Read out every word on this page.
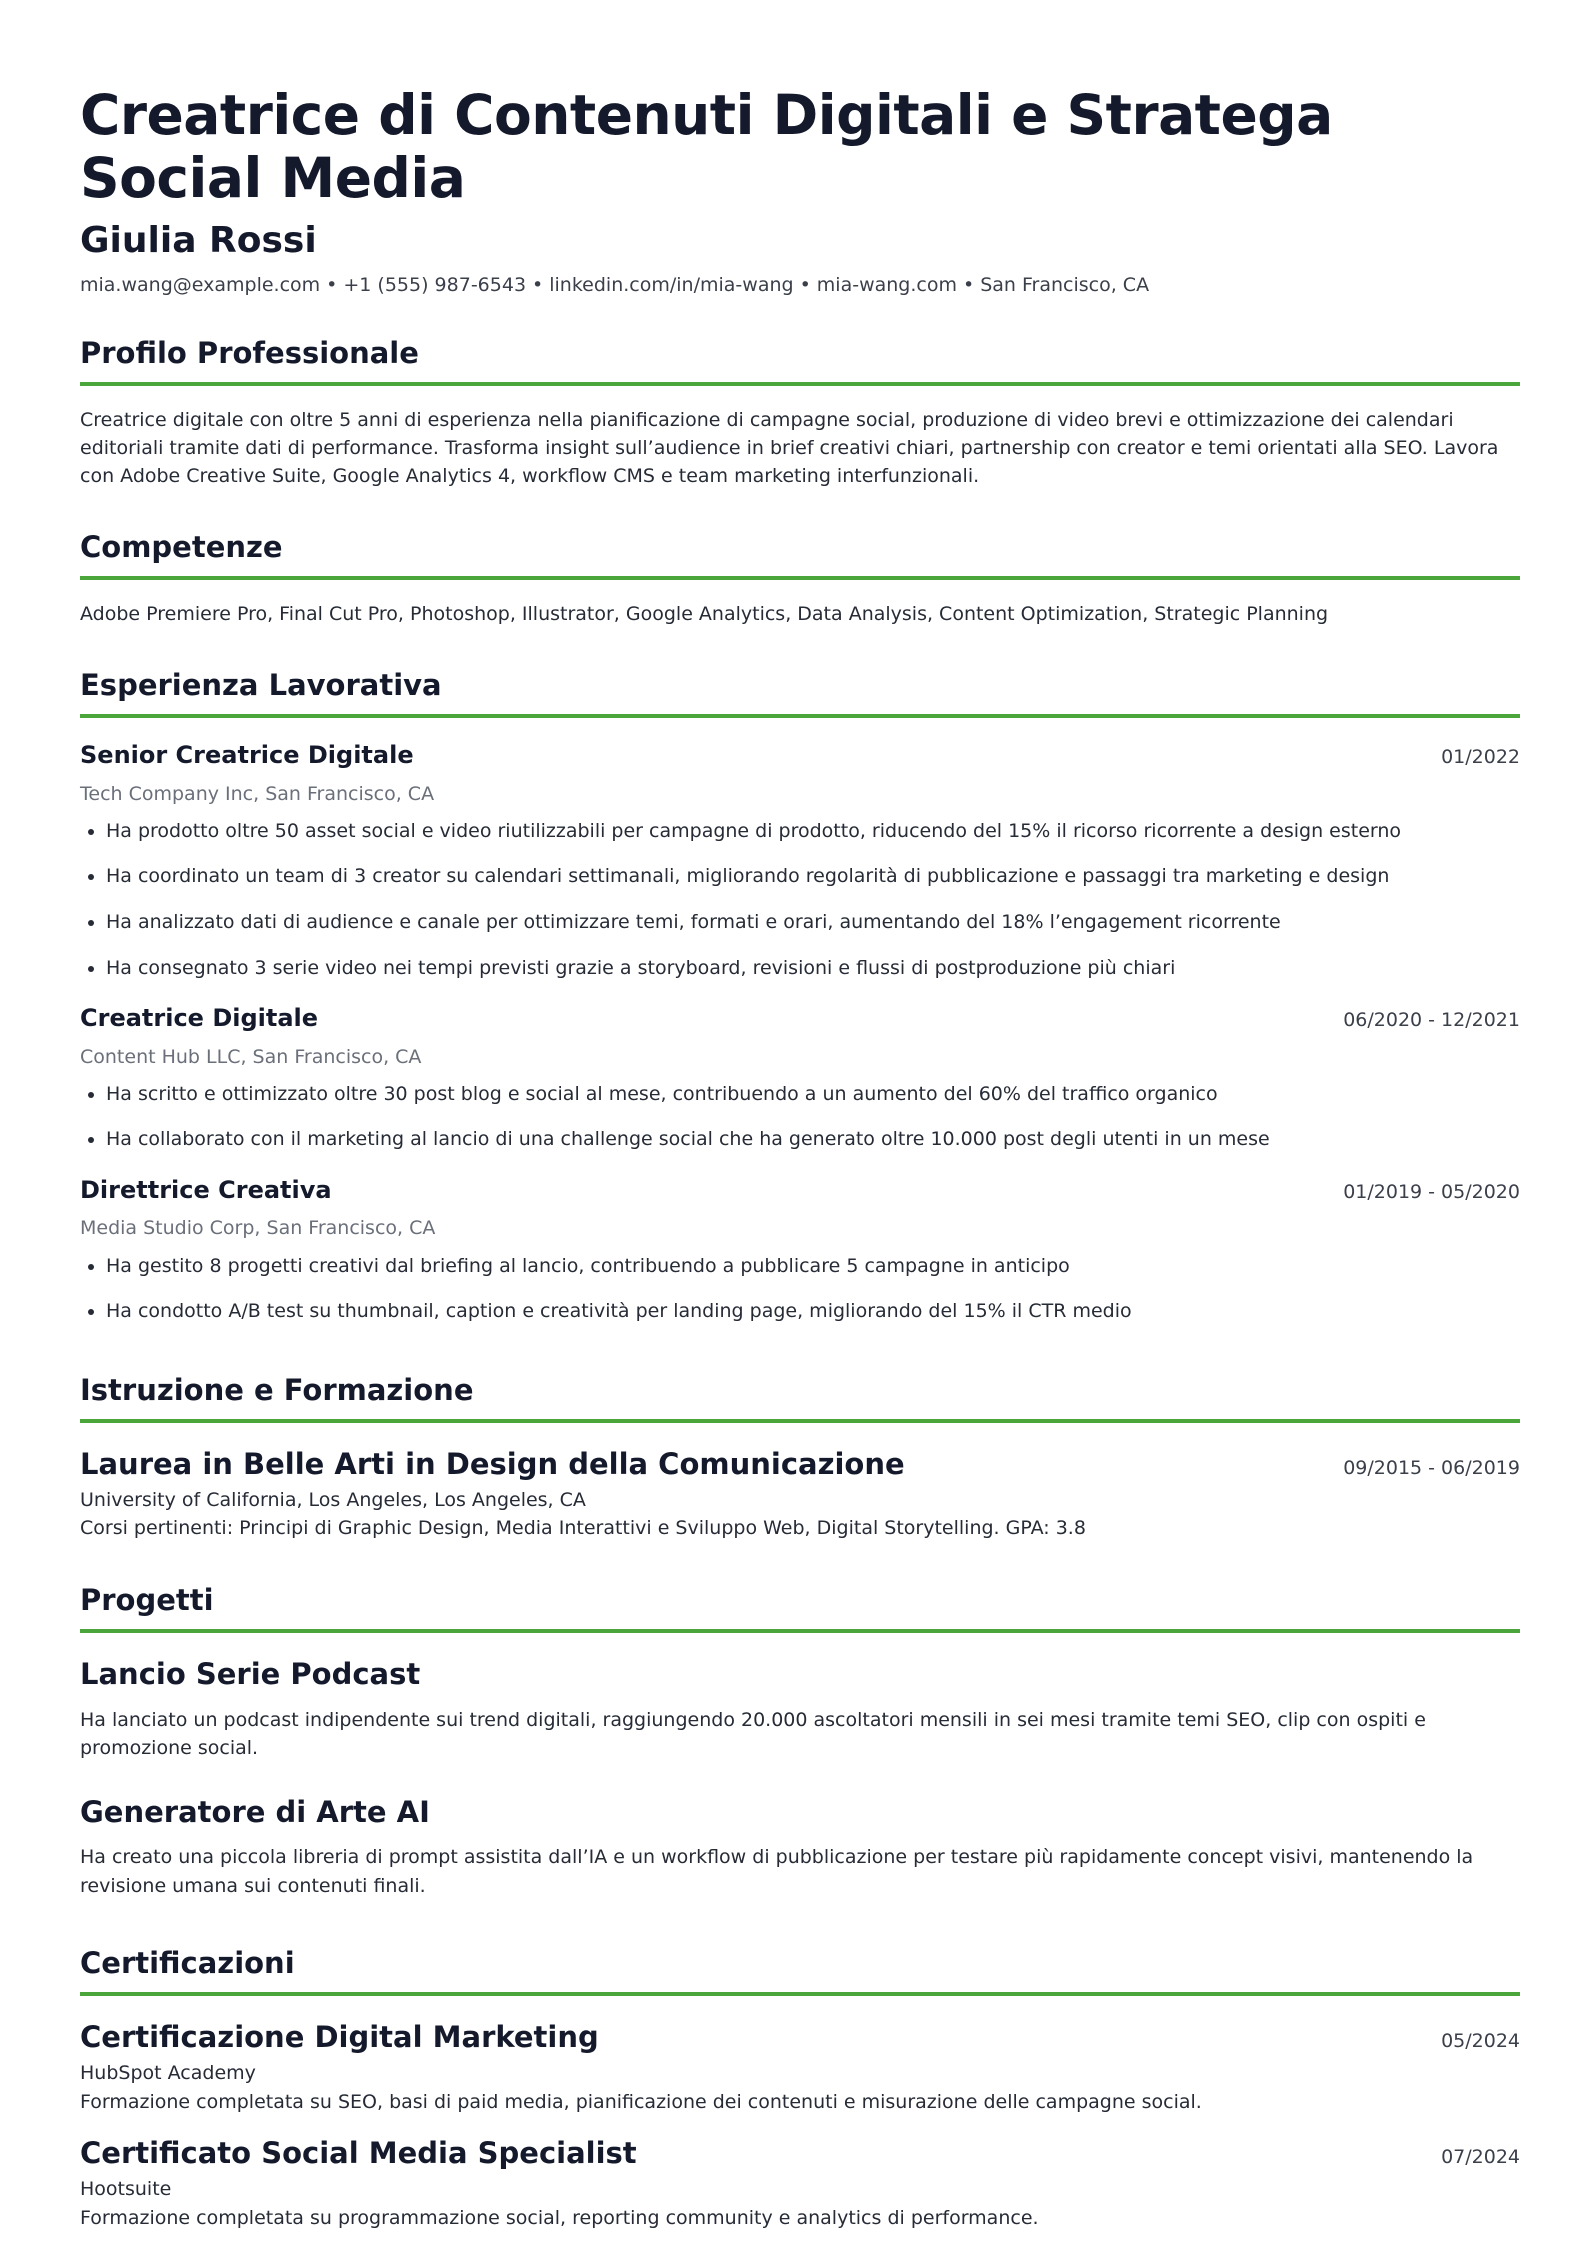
Creatrice di Contenuti Digitali e Stratega Social Media
Giulia Rossi
mia.wang@example.com • +1 (555) 987-6543 • linkedin.com/in/mia-wang • mia-wang.com • San Francisco, CA
Profilo Professionale
Creatrice digitale con oltre 5 anni di esperienza nella pianificazione di campagne social, produzione di video brevi e ottimizzazione dei calendari editoriali tramite dati di performance. Trasforma insight sull’audience in brief creativi chiari, partnership con creator e temi orientati alla SEO. Lavora con Adobe Creative Suite, Google Analytics 4, workflow CMS e team marketing interfunzionali.
Competenze
Adobe Premiere Pro, Final Cut Pro, Photoshop, Illustrator, Google Analytics, Data Analysis, Content Optimization, Strategic Planning
Esperienza Lavorativa
Senior Creatrice Digitale	01/2022
Tech Company Inc, San Francisco, CA
Ha prodotto oltre 50 asset social e video riutilizzabili per campagne di prodotto, riducendo del 15% il ricorso ricorrente a design esterno
Ha coordinato un team di 3 creator su calendari settimanali, migliorando regolarità di pubblicazione e passaggi tra marketing e design
Ha analizzato dati di audience e canale per ottimizzare temi, formati e orari, aumentando del 18% l’engagement ricorrente
Ha consegnato 3 serie video nei tempi previsti grazie a storyboard, revisioni e flussi di postproduzione più chiari
Creatrice Digitale	06/2020 - 12/2021
Content Hub LLC, San Francisco, CA
Ha scritto e ottimizzato oltre 30 post blog e social al mese, contribuendo a un aumento del 60% del traffico organico
Ha collaborato con il marketing al lancio di una challenge social che ha generato oltre 10.000 post degli utenti in un mese
Direttrice Creativa	01/2019 - 05/2020
Media Studio Corp, San Francisco, CA
Ha gestito 8 progetti creativi dal briefing al lancio, contribuendo a pubblicare 5 campagne in anticipo
Ha condotto A/B test su thumbnail, caption e creatività per landing page, migliorando del 15% il CTR medio
Istruzione e Formazione
Laurea in Belle Arti in Design della Comunicazione	09/2015 - 06/2019
University of California, Los Angeles, Los Angeles, CA
Corsi pertinenti: Principi di Graphic Design, Media Interattivi e Sviluppo Web, Digital Storytelling. GPA: 3.8
Progetti
Lancio Serie Podcast
Ha lanciato un podcast indipendente sui trend digitali, raggiungendo 20.000 ascoltatori mensili in sei mesi tramite temi SEO, clip con ospiti e promozione social.
Generatore di Arte AI
Ha creato una piccola libreria di prompt assistita dall’IA e un workflow di pubblicazione per testare più rapidamente concept visivi, mantenendo la revisione umana sui contenuti finali.
Certificazioni
Certificazione Digital Marketing	05/2024
HubSpot Academy
Formazione completata su SEO, basi di paid media, pianificazione dei contenuti e misurazione delle campagne social.
Certificato Social Media Specialist	07/2024
Hootsuite
Formazione completata su programmazione social, reporting community e analytics di performance.
